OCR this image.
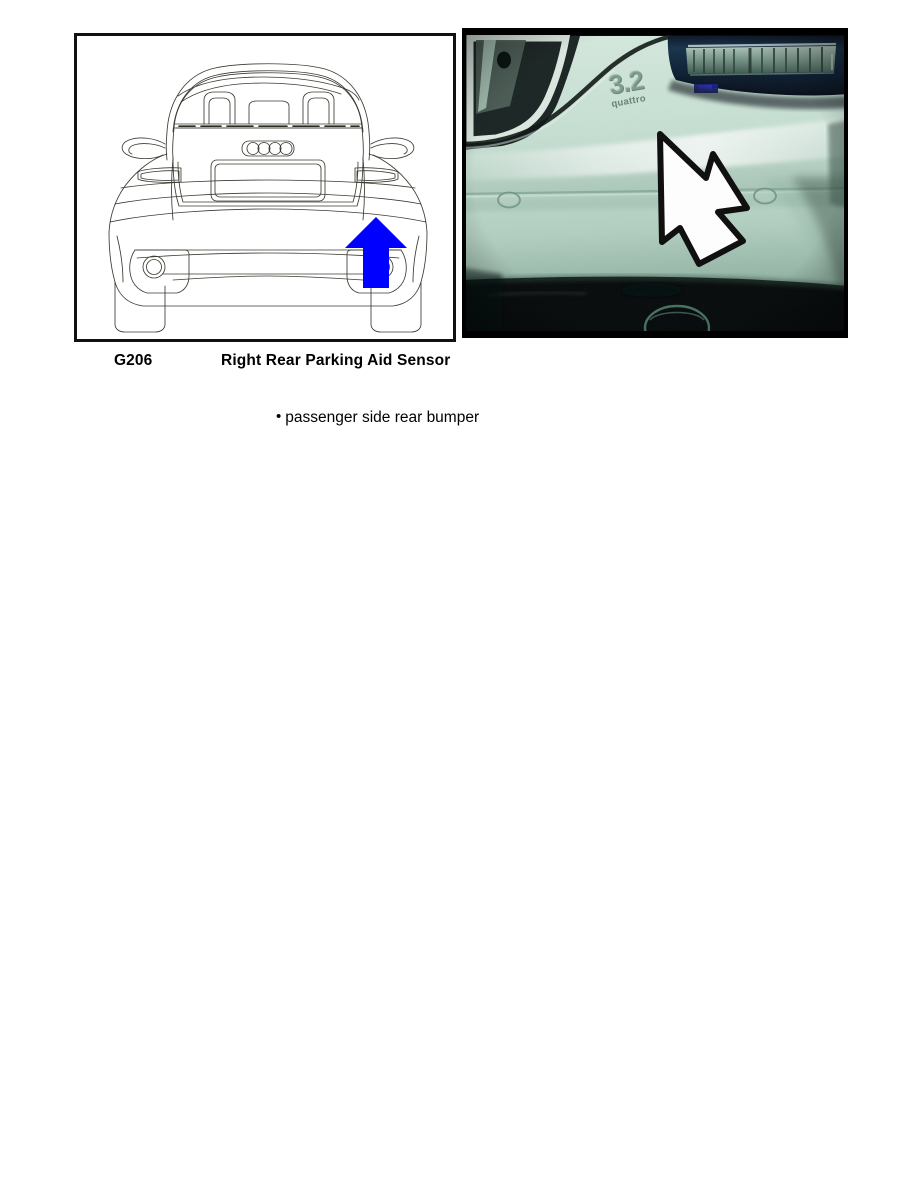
G206	Right Rear Parking Aid Sensor
• passenger side rear bumper
